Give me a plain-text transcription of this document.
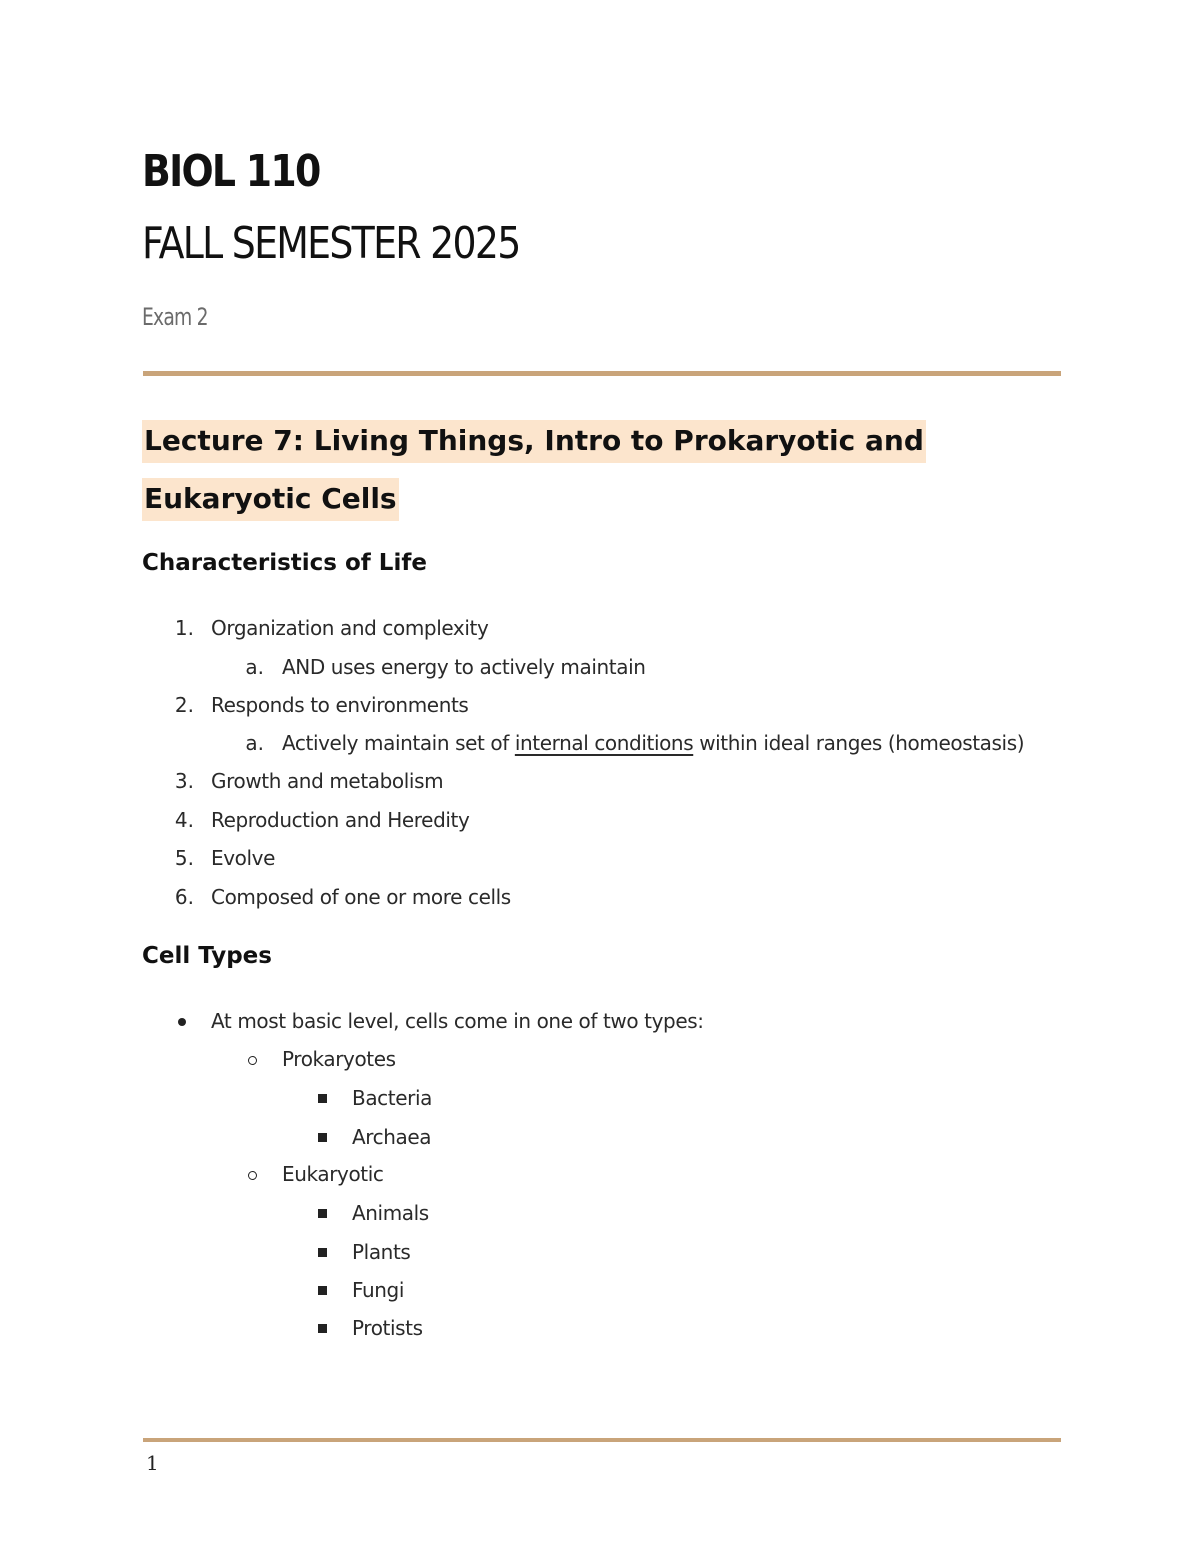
BIOL 110
FALL SEMESTER 2025

Exam 2

Lecture 7: Living Things, Intro to Prokaryotic and
Eukaryotic Cells
Characteristics of Life
1. Organization and complexity
a. AND uses energy to actively maintain
2. Responds to environments
a. Actively maintain set of internal conditions within ideal ranges (homeostasis)
3. Growth and metabolism
4. Reproduction and Heredity
5. Evolve
6. Composed of one or more cells
Cell Types
At most basic level, cells come in one of two types:
Prokaryotes
Bacteria
Archaea
Eukaryotic
Animals
Plants
Fungi
Protists
1
